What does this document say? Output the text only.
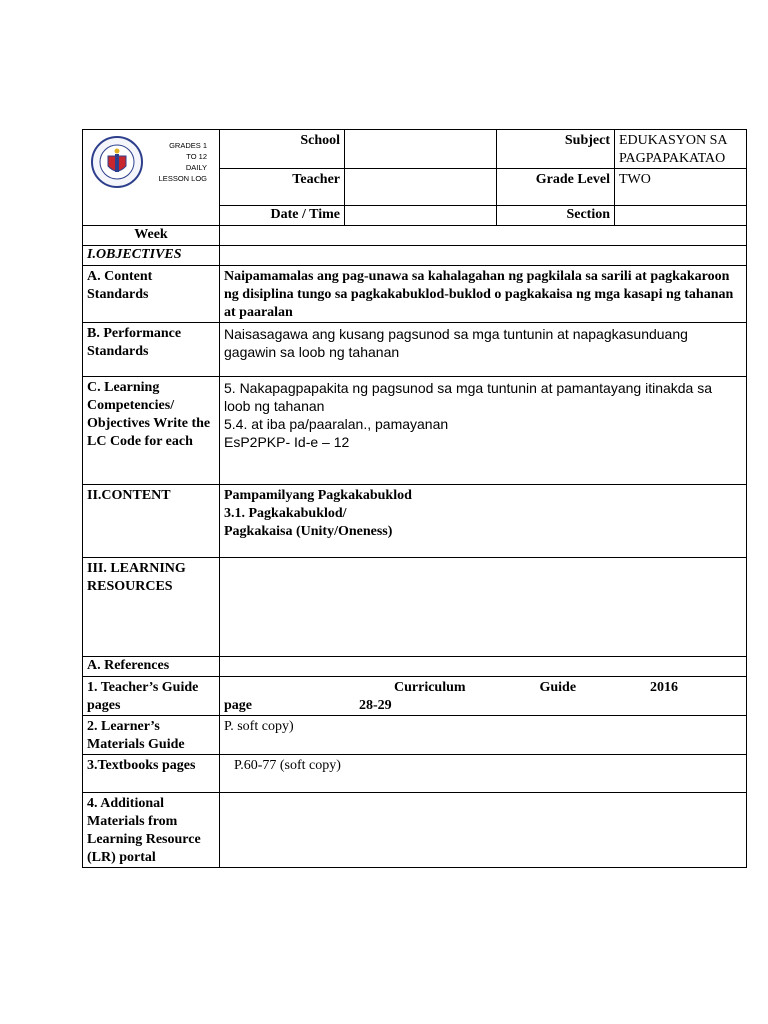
GRADES 1
TO 12
DAILY
LESSON LOG	School		Subject	EDUKASYON SA PAGPAPAKATAO
	Teacher		Grade Level	TWO
	Date / Time		Section	
Week				
I.OBJECTIVES				
A. Content Standards	Naipamamalas ang pag-unawa sa kahalagahan ng pagkilala sa sarili at pagkakaroon ng disiplina tungo sa pagkakabuklod-buklod o pagkakaisa ng mga kasapi ng tahanan at paaralan			
B. Performance Standards	Naisasagawa ang kusang pagsunod sa mga tuntunin at napagkasunduang gagawin sa loob ng tahanan			
C. Learning Competencies/ Objectives Write the LC Code for each	5. Nakapagpapakita ng pagsunod sa mga tuntunin at pamantayang itinakda sa loob ng tahanan
5.4. at iba pa/paaralan., pamayanan
EsP2PKP- Id-e – 12			

II.CONTENT	Pampamilyang Pagkakabuklod
3.1. Pagkakabuklod/
Pagkakaisa (Unity/Oneness)			

III. LEARNING RESOURCES				
A. References				
1. Teacher’s Guide pages	Curriculum Guide 2016
page 28-29			

2. Learner’s Materials Guide	P. soft copy)			
3.Textbooks pages	P.60-77 (soft copy)			
4. Additional Materials from Learning Resource (LR) portal				
